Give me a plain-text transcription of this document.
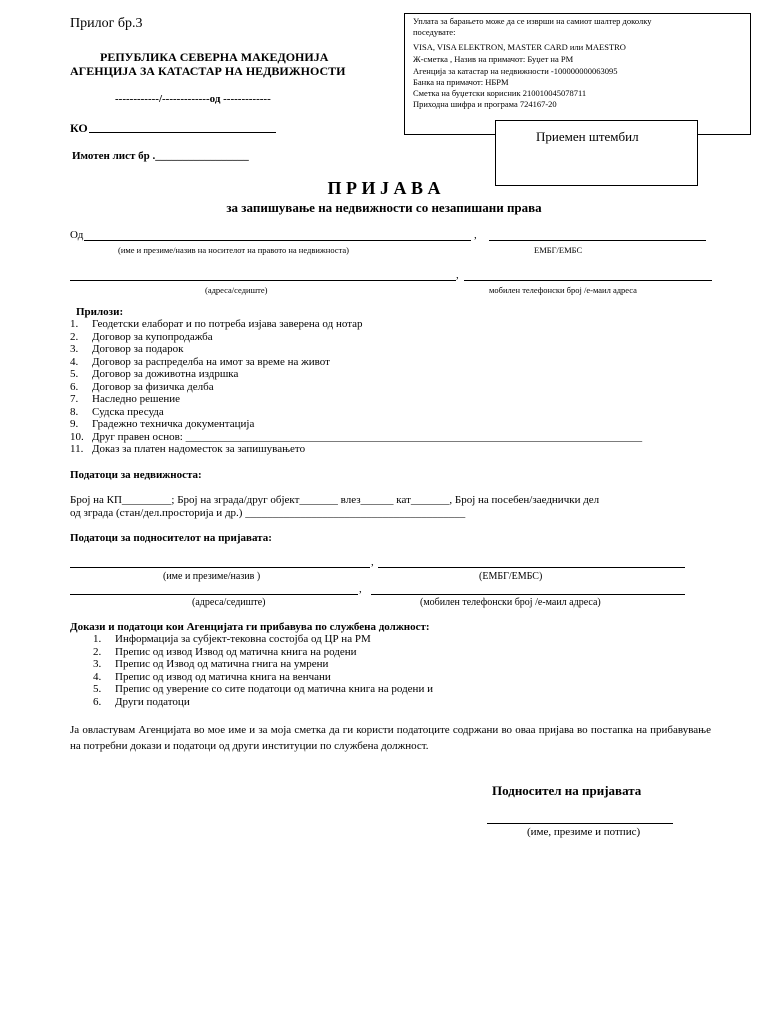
Прилог бр.3
РЕПУБЛИКА СЕВЕРНА МАКЕДОНИЈА
АГЕНЦИЈА ЗА КАТАСТАР НА НЕДВИЖНОСТИ
------------/-------------од -------------
КО
Имотен лист бр ._________________
Уплата за барањето може да се изврши на самиот шалтер доколку
поседувате:
VISA, VISA ELEKTRON, MASTER CARD или MAESTRO
Ж-сметка , Назив на примачот: Буџет на РМ
Агенција за катастар на недвижности -100000000063095
Банка на примачот: НБРМ
Сметка на буџетски корисник 210010045078711
Приходна шифра и програма 724167-20
Приемен штембил
П Р И Ј А В А
за запишување на недвижности со незапишани права
Од	,
(име и презиме/назив на носителот на правото на недвижноста)	ЕМБГ/ЕМБС
,
(адреса/седиште)	мобилен телефонски број /е-маил адреса
Прилози:
1. Геодетски елаборат и по потреба изјава заверена од нотар
2. Договор за купопродажба
3. Договор за подарок
4. Договор за распределба на имот за време на живот
5. Договор за доживотна издршка
6. Договор за физичка делба
7. Наследно решение
8. Судска пресуда
9. Градежно техничка документација
10. Друг правен основ: ___________________________________________________________________________________
11. Доказ за платен надоместок за запишувањето
Податоци за недвижноста:
Број на КП_________; Број на зграда/друг објект_______ влез______ кат_______, Број на посебен/заеднички дел
од зграда (стан/дел.просторија и др.) ________________________________________
Податоци за подносителот на пријавата:
,
(име и презиме/назив )	(ЕМБГ/ЕМБС)
,
(адреса/седиште)	(мобилен телефонски број /е-маил адреса)
Докази и податоци кои Агенцијата ги прибавува по службена должност:
1. Информација за субјект-тековна состојба од ЦР на РМ
2. Препис од извод Извод од матична книга на родени
3. Препис од Извод од матична гнига на умрени
4. Препис од извод од матична книга на венчани
5. Препис од уверение со сите податоци од матична книга на родени и
6. Други податоци
Ја овластувам Агенцијата во мое име и за моја сметка да ги користи податоците содржани во оваа пријава во постапка на прибавување на потребни докази и податоци од други институции по службена должност.
Подносител на пријавата
(име, презиме и потпис)
